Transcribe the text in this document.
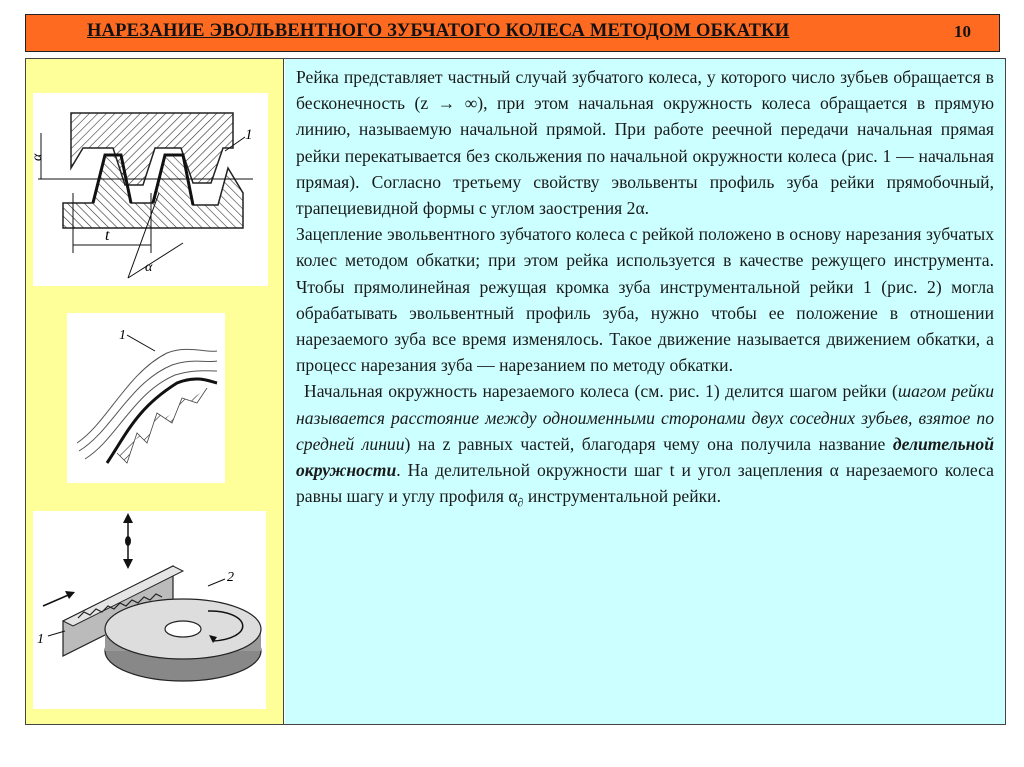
НАРЕЗАНИЕ ЭВОЛЬВЕНТНОГО ЗУБЧАТОГО КОЛЕСА МЕТОДОМ ОБКАТКИ	10
α
1
t
α
1
1
2

Рейка представляет частный случай зубчатого колеса, у которого число зубьев обращается в бесконечность (z → ∞), при этом начальная окружность колеса обращается в прямую линию, называемую начальной прямой. При работе реечной передачи начальная прямая рейки перекатывается без скольжения по начальной окружности колеса (рис. 1 — начальная прямая). Согласно третьему свойству эвольвенты профиль зуба рейки прямобочный, трапециевидной формы с углом заострения 2α.

Зацепление эвольвентного зубчатого колеса с рейкой положено в основу нарезания зубчатых колес методом обкатки; при этом рейка используется в качестве режущего инструмента. Чтобы прямолинейная режущая кромка зуба инструментальной рейки 1 (рис. 2) могла обрабатывать эвольвентный профиль зуба, нужно чтобы ее положение в отношении нарезаемого зуба все время изменялось. Такое движение называется движением обкатки, а процесс нарезания зуба — нарезанием по методу обкатки.

Начальная окружность нарезаемого колеса (см. рис. 1) делится шагом рейки (шагом рейки называется расстояние между одноименными сторонами двух соседних зубьев, взятое по средней линии) на z равных частей, благодаря чему она получила название делительной окружности. На делительной окружности шаг t и угол зацепления α нарезаемого колеса равны шагу и углу профиля $\alpha_\partial$ инструментальной рейки.
